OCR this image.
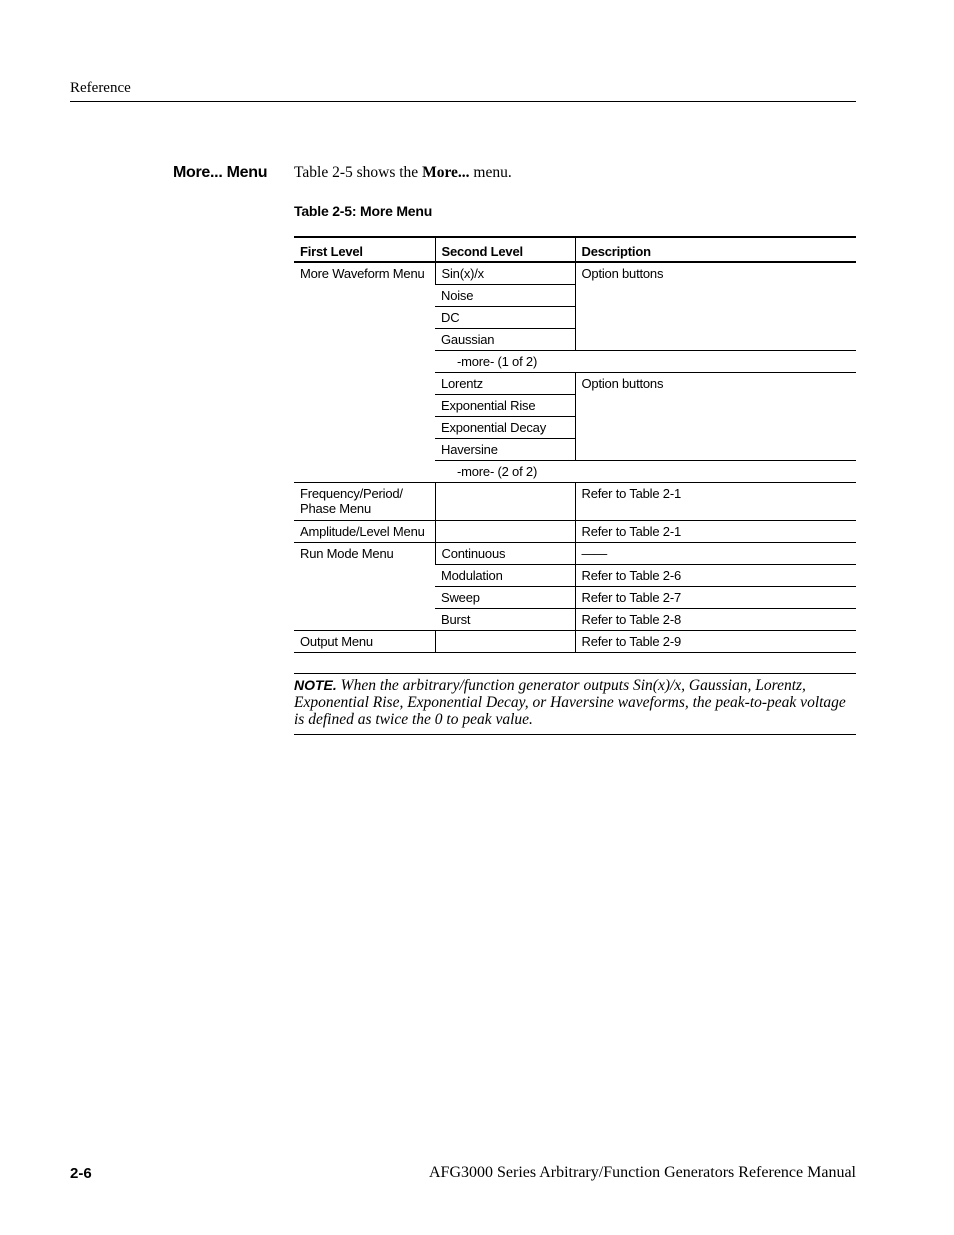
Reference
More... Menu Table 2-5 shows the More... menu.
Table 2-5: More Menu
First Level	Second Level	Description
More Waveform Menu	Sin(x)/x	Option buttons
	Noise	
	DC	
	Gaussian	
	-more- (1 of 2)	
	Lorentz	Option buttons
	Exponential Rise	
	Exponential Decay	
	Haversine	
	-more- (2 of 2)	
Frequency/Period/
Phase Menu		Refer to Table 2-1
Amplitude/Level Menu		Refer to Table 2-1
Run Mode Menu	Continuous	——
	Modulation	Refer to Table 2-6
	Sweep	Refer to Table 2-7
	Burst	Refer to Table 2-8
Output Menu		Refer to Table 2-9
NOTE. When the arbitrary/function generator outputs Sin(x)/x, Gaussian, Lorentz, Exponential Rise, Exponential Decay, or Haversine waveforms, the peak-to-peak voltage is defined as twice the 0 to peak value.
2-6	AFG3000 Series Arbitrary/Function Generators Reference Manual
